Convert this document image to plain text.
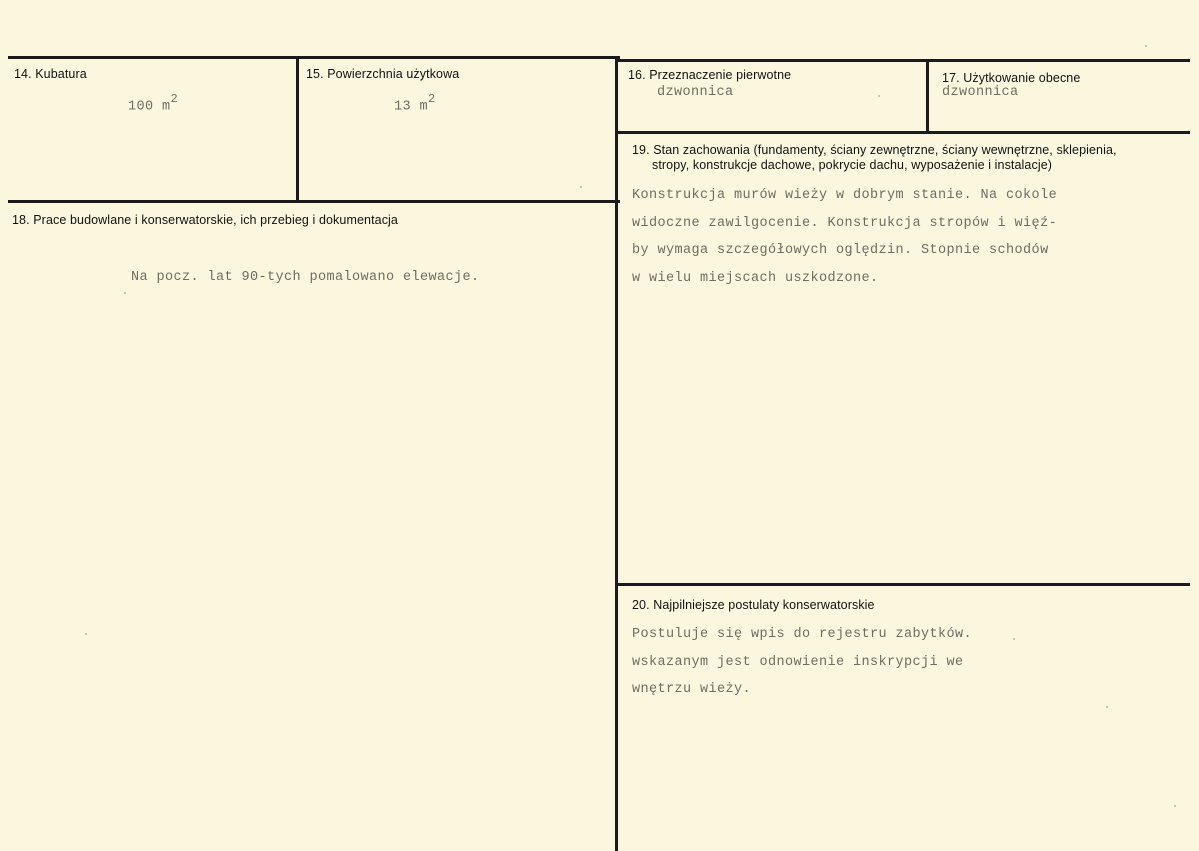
14. Kubatura
100 $m^2$
15. Powierzchnia użytkowa
13 $m^2$
16. Przeznaczenie pierwotne
dzwonnica
17. Użytkowanie obecne
dzwonnica
18. Prace budowlane i konserwatorskie, ich przebieg i dokumentacja
Na pocz. lat 90-tych pomalowano elewacje.
19. Stan zachowania (fundamenty, ściany zewnętrzne, ściany wewnętrzne, sklepienia,
stropy, konstrukcje dachowe, pokrycie dachu, wyposażenie i instalacje)
Konstrukcja murów wieży w dobrym stanie. Na cokole
widoczne zawilgocenie. Konstrukcja stropów i więź-
by wymaga szczegółowych oględzin. Stopnie schodów
w wielu miejscach uszkodzone.
20. Najpilniejsze postulaty konserwatorskie
Postuluje się wpis do rejestru zabytków.
wskazanym jest odnowienie inskrypcji we
wnętrzu wieży.
